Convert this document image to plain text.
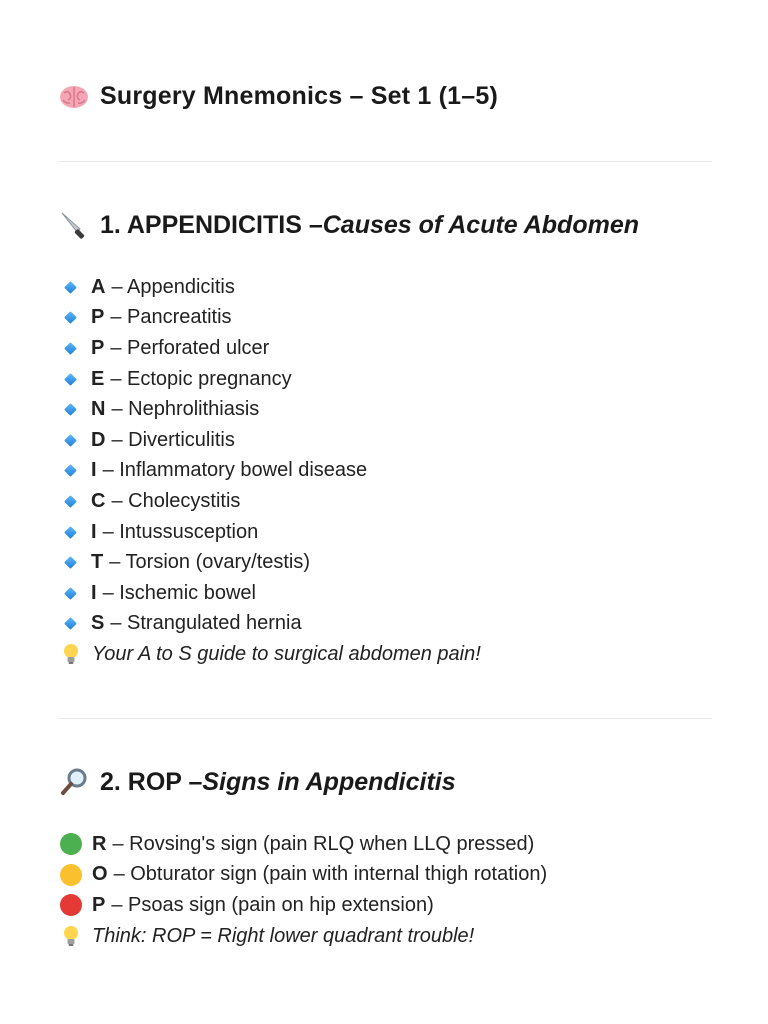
Surgery Mnemonics – Set 1 (1–5)
1. APPENDICITIS – Causes of Acute Abdomen
A – Appendicitis
P – Pancreatitis
P – Perforated ulcer
E – Ectopic pregnancy
N – Nephrolithiasis
D – Diverticulitis
I – Inflammatory bowel disease
C – Cholecystitis
I – Intussusception
T – Torsion (ovary/testis)
I – Ischemic bowel
S – Strangulated hernia
Your A to S guide to surgical abdomen pain!
2. ROP – Signs in Appendicitis
R – Rovsing's sign (pain RLQ when LLQ pressed)
O – Obturator sign (pain with internal thigh rotation)
P – Psoas sign (pain on hip extension)
Think: ROP = Right lower quadrant trouble!
